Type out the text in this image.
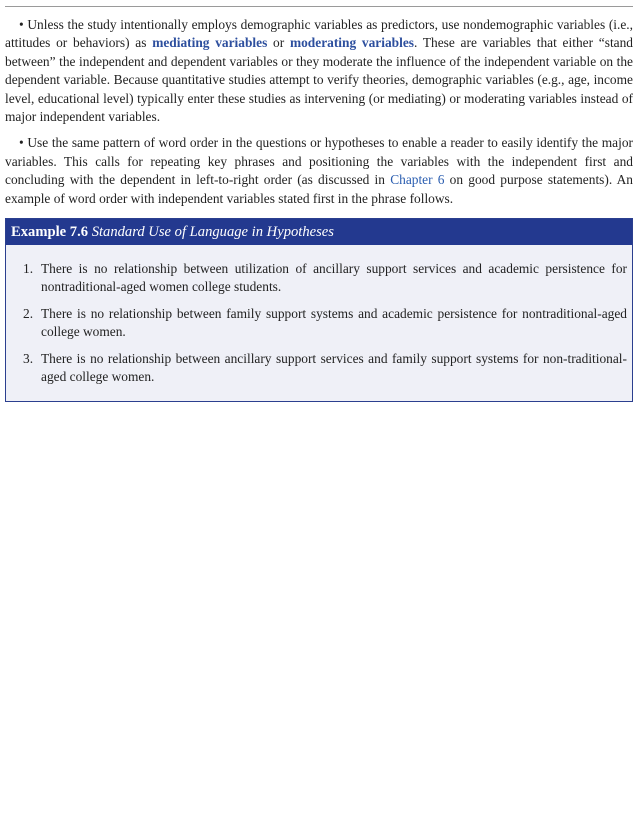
• Unless the study intentionally employs demographic variables as predictors, use nondemographic variables (i.e., attitudes or behaviors) as mediating variables or moderating variables. These are variables that either “stand between” the independent and dependent variables or they moderate the influence of the independent variable on the dependent variable. Because quantitative studies attempt to verify theories, demographic variables (e.g., age, income level, educational level) typically enter these studies as intervening (or mediating) or moderating variables instead of major independent variables.

• Use the same pattern of word order in the questions or hypotheses to enable a reader to easily identify the major variables. This calls for repeating key phrases and positioning the variables with the independent first and concluding with the dependent in left-to-right order (as discussed in Chapter 6 on good purpose statements). An example of word order with independent variables stated first in the phrase follows.

Example 7.6 Standard Use of Language in Hypotheses
1. There is no relationship between utilization of ancillary support services and academic persistence for nontraditional-aged women college students.
2. There is no relationship between family support systems and academic persistence for nontraditional-aged college women.
3. There is no relationship between ancillary support services and family support systems for non-traditional-aged college women.
